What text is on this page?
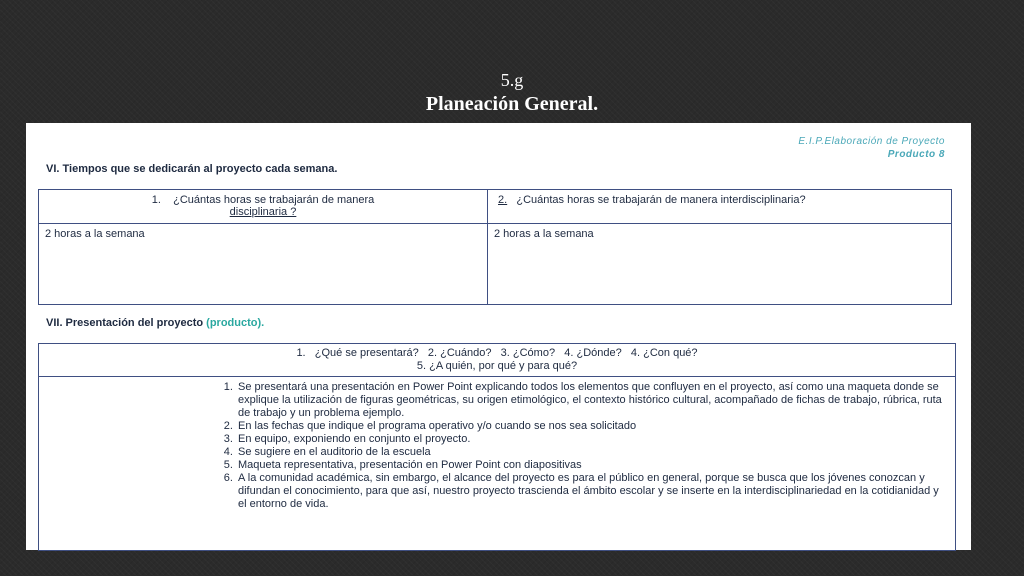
5.g
Planeación General.
E.I.P.Elaboración de Proyecto
Producto 8
VI. Tiempos que se dedicarán al proyecto cada semana.
1. ¿Cuántas horas se trabajarán de manera
disciplinaria ?	2. ¿Cuántas horas se trabajarán de manera interdisciplinaria?
2 horas a la semana	2 horas a la semana
VII. Presentación del proyecto (producto).
1.   ¿Qué se presentará?   2. ¿Cuándo?   3. ¿Cómo?   4. ¿Dónde?   4. ¿Con qué?
5. ¿A quién, por qué y para qué?

1. Se presentará una presentación en Power Point explicando todos los elementos que confluyen en el proyecto, así como una maqueta donde se explique la utilización de figuras geométricas, su origen etimológico, el contexto histórico cultural, acompañado de fichas de trabajo, rúbrica, ruta de trabajo y un problema ejemplo.
2. En las fechas que indique el programa operativo y/o cuando se nos sea solicitado
3. En equipo, exponiendo en conjunto el proyecto.
4. Se sugiere en el auditorio de la escuela
5. Maqueta representativa, presentación en Power Point con diapositivas
6. A la comunidad académica, sin embargo, el alcance del proyecto es para el público en general, porque se busca que los jóvenes conozcan y difundan el conocimiento, para que así, nuestro proyecto trascienda el ámbito escolar y se inserte en la interdisciplinariedad en la cotidianidad y el entorno de vida.
